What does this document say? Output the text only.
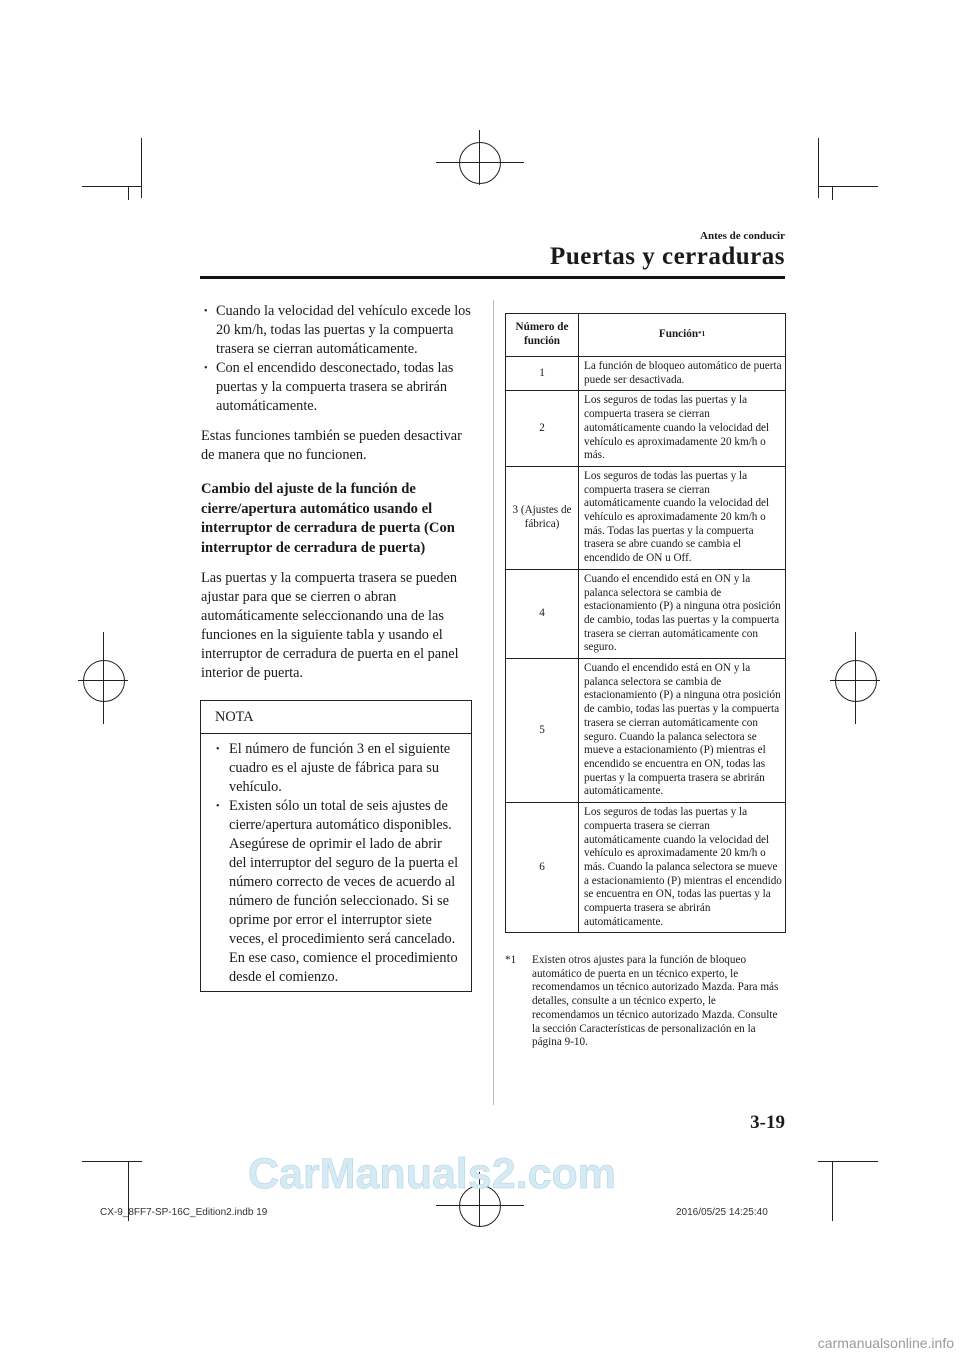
Antes de conducir
Puertas y cerraduras

• Cuando la velocidad del vehículo excede los 20 km/h, todas las puertas y la compuerta trasera se cierran automáticamente.

• Con el encendido desconectado, todas las puertas y la compuerta trasera se abrirán automáticamente.

Estas funciones también se pueden desactivar de manera que no funcionen.

Cambio del ajuste de la función de cierre/apertura automático usando el interruptor de cerradura de puerta (Con interruptor de cerradura de puerta)

Las puertas y la compuerta trasera se pueden ajustar para que se cierren o abran automáticamente seleccionando una de las funciones en la siguiente tabla y usando el interruptor de cerradura de puerta en el panel interior de puerta.

NOTA
• El número de función 3 en el siguiente cuadro es el ajuste de fábrica para su vehículo.
• Existen sólo un total de seis ajustes de cierre/apertura automático disponibles. Asegúrese de oprimir el lado de abrir del interruptor del seguro de la puerta el número correcto de veces de acuerdo al número de función seleccionado. Si se oprime por error el interruptor siete veces, el procedimiento será cancelado. En ese caso, comience el procedimiento desde el comienzo.
Número de función	Función$^{*1}$
1	La función de bloqueo automático de puerta puede ser desactivada.
2	Los seguros de todas las puertas y la compuerta trasera se cierran automáticamente cuando la velocidad del vehículo es aproximadamente 20 km/h o más.
3 (Ajustes de fábrica)	Los seguros de todas las puertas y la compuerta trasera se cierran automáticamente cuando la velocidad del vehículo es aproximadamente 20 km/h o más. Todas las puertas y la compuerta trasera se abre cuando se cambia el encendido de ON u Off.
4	Cuando el encendido está en ON y la palanca selectora se cambia de estacionamiento (P) a ninguna otra posición de cambio, todas las puertas y la compuerta trasera se cierran automáticamente con seguro.
5	Cuando el encendido está en ON y la palanca selectora se cambia de estacionamiento (P) a ninguna otra posición de cambio, todas las puertas y la compuerta trasera se cierran automáticamente con seguro. Cuando la palanca selectora se mueve a estacionamiento (P) mientras el encendido se encuentra en ON, todas las puertas y la compuerta trasera se abrirán automáticamente.
6	Los seguros de todas las puertas y la compuerta trasera se cierran automáticamente cuando la velocidad del vehículo es aproximadamente 20 km/h o más. Cuando la palanca selectora se mueve a estacionamiento (P) mientras el encendido se encuentra en ON, todas las puertas y la compuerta trasera se abrirán automáticamente.
*1	Existen otros ajustes para la función de bloqueo automático de puerta en un técnico experto, le recomendamos un técnico autorizado Mazda. Para más detalles, consulte a un técnico experto, le recomendamos un técnico autorizado Mazda. Consulte la sección Características de personalización en la página 9-10.
3-19
CarManuals2.com
CX-9_8FF7-SP-16C_Edition2.indb 19	2016/05/25 14:25:40
carmanualsonline.info
